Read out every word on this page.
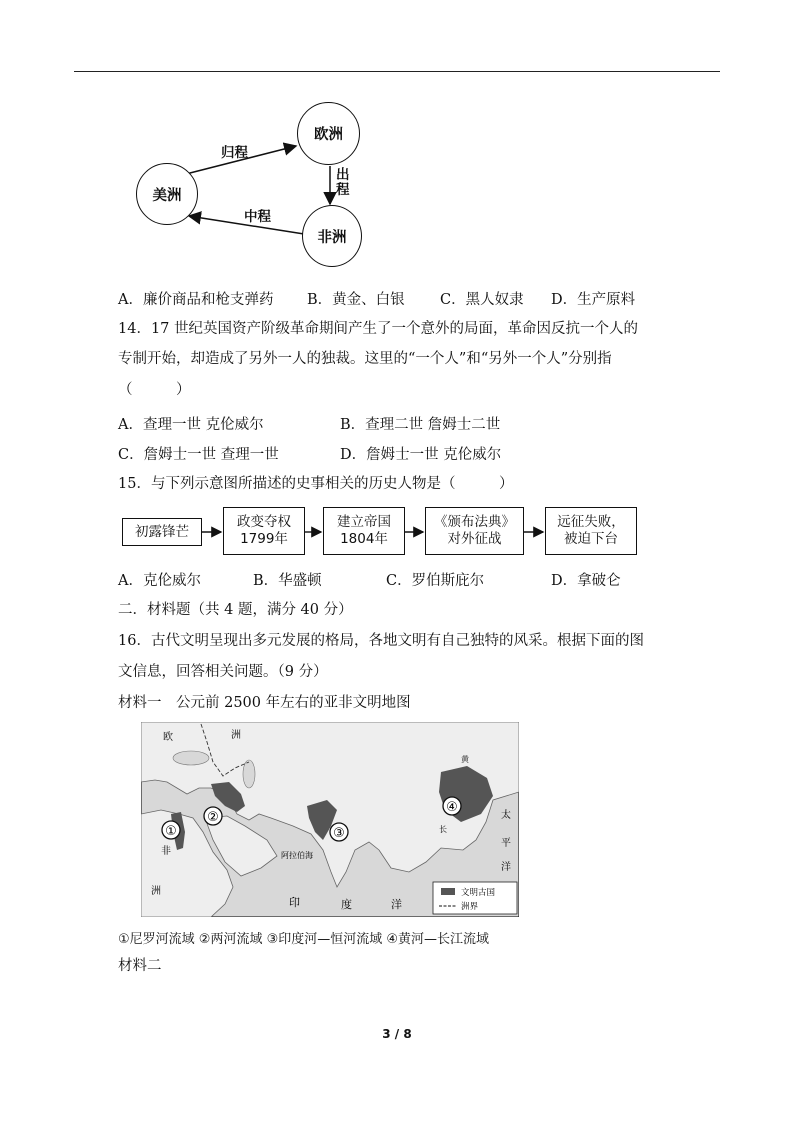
欧洲
美洲
非洲
归程
出程
中程
A．廉价商品和枪支弹药 B．黄金、白银 C．黑人奴隶 D．生产原料
14．17 世纪英国资产阶级革命期间产生了一个意外的局面，革命因反抗一个人的
专制开始，却造成了另外一人的独裁。这里的“一个人”和“另外一个人”分别指
（　　　）
A．查理一世 克伦威尔	B．查理二世 詹姆士二世
C．詹姆士一世 查理一世	D．詹姆士一世 克伦威尔
15．与下列示意图所描述的史事相关的历史人物是（　　　）
初露锋芒
政变夺权
1799年
建立帝国
1804年
《颁布法典》
对外征战
远征失败，
被迫下台
A．克伦威尔	B．华盛顿	C．罗伯斯庇尔	D．拿破仑
二．材料题（共 4 题，满分 40 分）
16．古代文明呈现出多元发展的格局，各地文明有自己独特的风采。根据下面的图
文信息，回答相关问题。（9 分）
材料一　公元前 2500 年左右的亚非文明地图
①
②
③
④
欧	洲
非
洲
阿拉伯海
印	度	洋
太
平
洋
长
黄
文明古国
洲界
①尼罗河流域 ②两河流域 ③印度河—恒河流域 ④黄河—长江流域
材料二
3 / 8
